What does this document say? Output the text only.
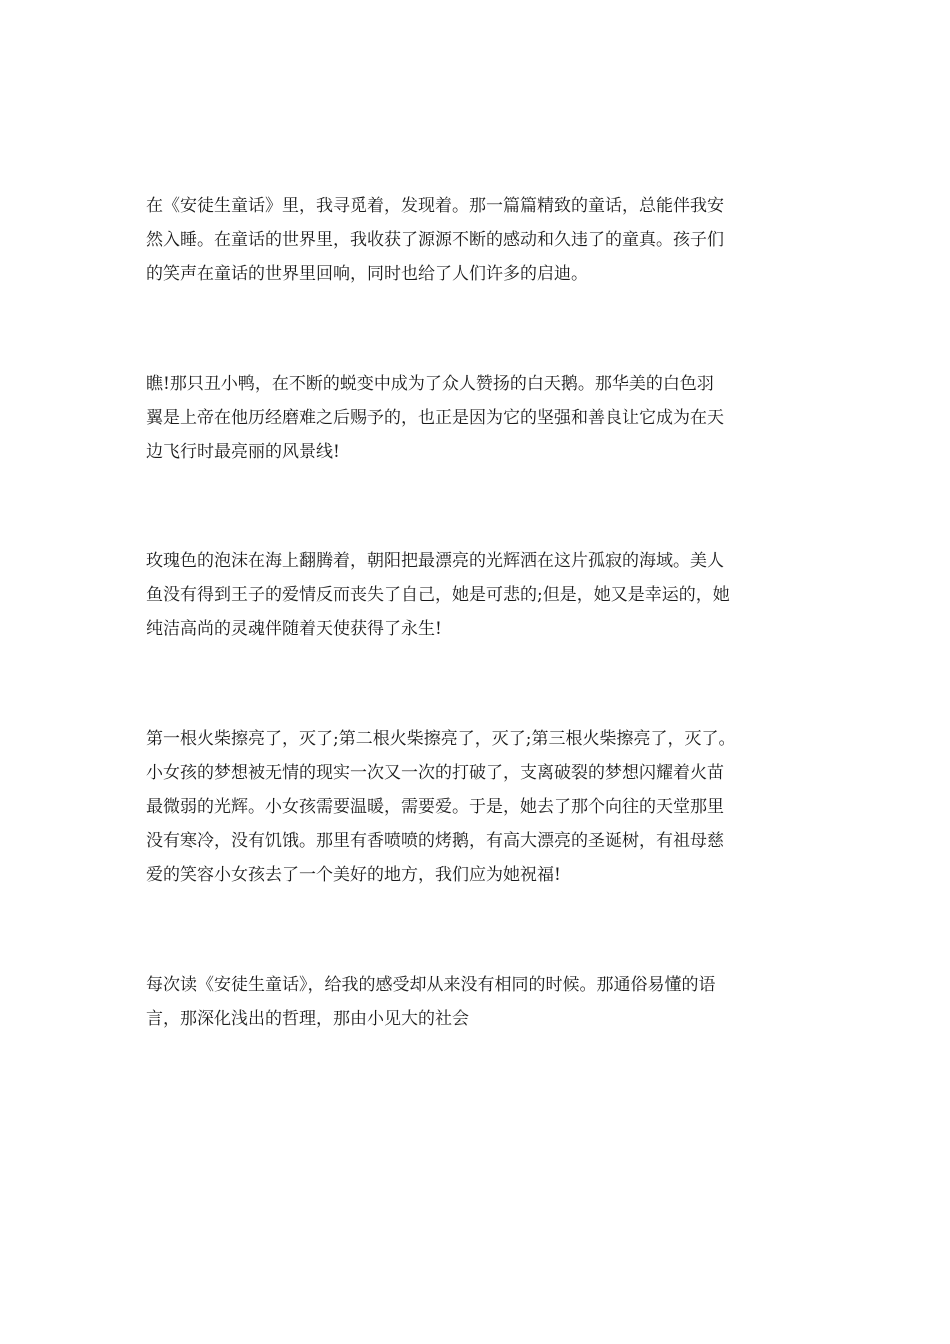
在《安徒生童话》里，我寻觅着，发现着。那一篇篇精致的童话，总能伴我安
然入睡。在童话的世界里，我收获了源源不断的感动和久违了的童真。孩子们
的笑声在童话的世界里回响，同时也给了人们许多的启迪。
瞧!那只丑小鸭，在不断的蜕变中成为了众人赞扬的白天鹅。那华美的白色羽
翼是上帝在他历经磨难之后赐予的，也正是因为它的坚强和善良让它成为在天
边飞行时最亮丽的风景线!
玫瑰色的泡沫在海上翻腾着，朝阳把最漂亮的光辉洒在这片孤寂的海域。美人
鱼没有得到王子的爱情反而丧失了自己，她是可悲的;但是，她又是幸运的，她
纯洁高尚的灵魂伴随着天使获得了永生!
第一根火柴擦亮了，灭了;第二根火柴擦亮了，灭了;第三根火柴擦亮了，灭了。
小女孩的梦想被无情的现实一次又一次的打破了，支离破裂的梦想闪耀着火苗
最微弱的光辉。小女孩需要温暖，需要爱。于是，她去了那个向往的天堂那里
没有寒冷，没有饥饿。那里有香喷喷的烤鹅，有高大漂亮的圣诞树，有祖母慈
爱的笑容小女孩去了一个美好的地方，我们应为她祝福!
每次读《安徒生童话》，给我的感受却从来没有相同的时候。那通俗易懂的语
言，那深化浅出的哲理，那由小见大的社会
